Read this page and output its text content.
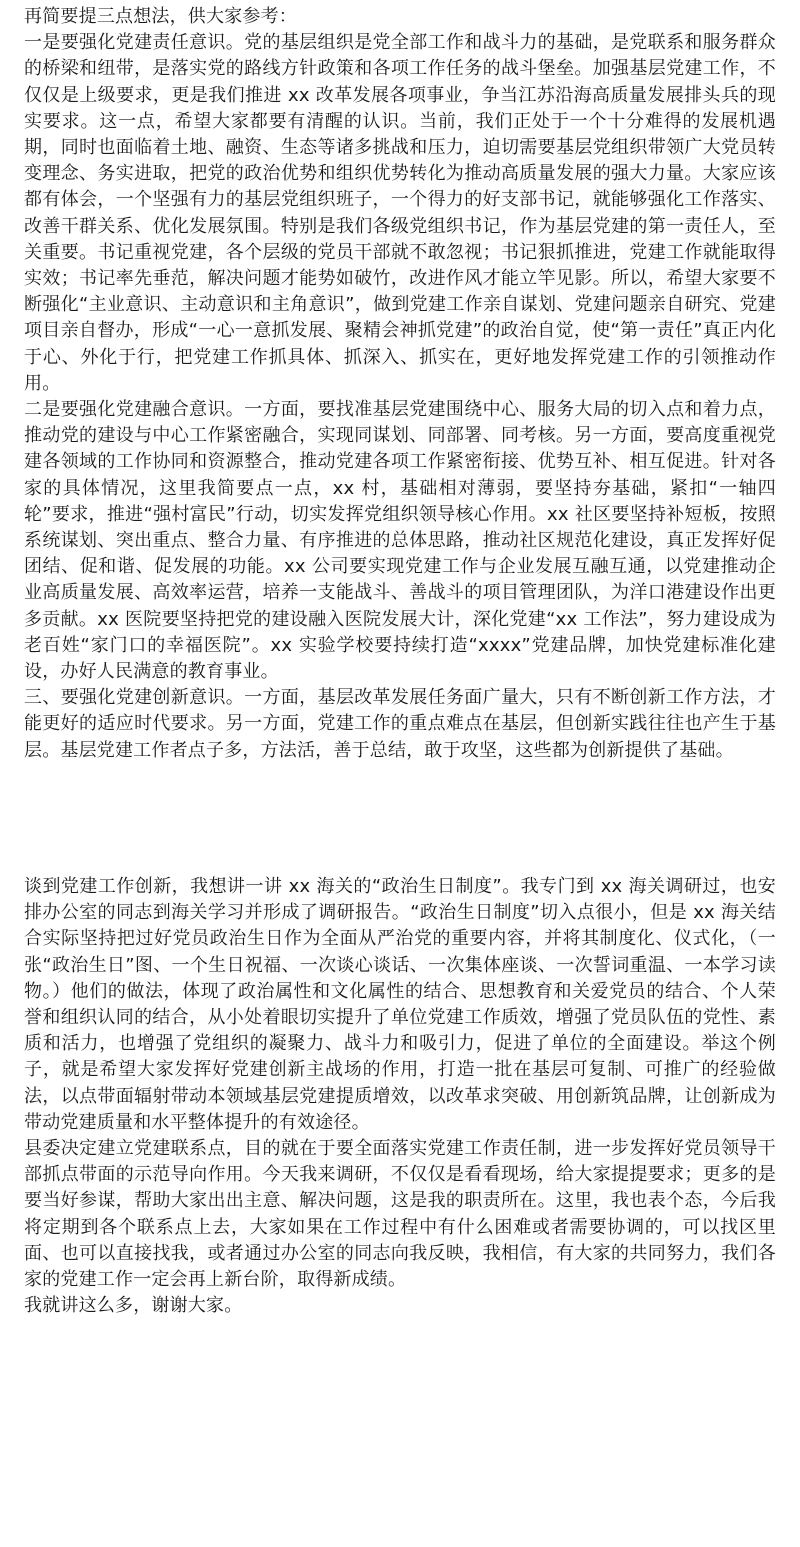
再简要提三点想法，供大家参考：

一是要强化党建责任意识。党的基层组织是党全部工作和战斗力的基础，是党联系和服务群众的桥梁和纽带，是落实党的路线方针政策和各项工作任务的战斗堡垒。加强基层党建工作，不仅仅是上级要求，更是我们推进 xx 改革发展各项事业，争当江苏沿海高质量发展排头兵的现实要求。这一点，希望大家都要有清醒的认识。当前，我们正处于一个十分难得的发展机遇期，同时也面临着土地、融资、生态等诸多挑战和压力，迫切需要基层党组织带领广大党员转变理念、务实进取，把党的政治优势和组织优势转化为推动高质量发展的强大力量。大家应该都有体会，一个坚强有力的基层党组织班子，一个得力的好支部书记，就能够强化工作落实、改善干群关系、优化发展氛围。特别是我们各级党组织书记，作为基层党建的第一责任人，至关重要。书记重视党建，各个层级的党员干部就不敢忽视；书记狠抓推进，党建工作就能取得实效；书记率先垂范，解决问题才能势如破竹，改进作风才能立竿见影。所以，希望大家要不断强化“主业意识、主动意识和主角意识”，做到党建工作亲自谋划、党建问题亲自研究、党建项目亲自督办，形成“一心一意抓发展、聚精会神抓党建”的政治自觉，使“第一责任”真正内化于心、外化于行，把党建工作抓具体、抓深入、抓实在，更好地发挥党建工作的引领推动作用。

二是要强化党建融合意识。一方面，要找准基层党建围绕中心、服务大局的切入点和着力点，推动党的建设与中心工作紧密融合，实现同谋划、同部署、同考核。另一方面，要高度重视党建各领域的工作协同和资源整合，推动党建各项工作紧密衔接、优势互补、相互促进。针对各家的具体情况，这里我简要点一点，xx 村，基础相对薄弱，要坚持夯基础，紧扣“一轴四轮”要求，推进“强村富民”行动，切实发挥党组织领导核心作用。xx 社区要坚持补短板，按照系统谋划、突出重点、整合力量、有序推进的总体思路，推动社区规范化建设，真正发挥好促团结、促和谐、促发展的功能。xx 公司要实现党建工作与企业发展互融互通，以党建推动企业高质量发展、高效率运营，培养一支能战斗、善战斗的项目管理团队，为洋口港建设作出更多贡献。xx 医院要坚持把党的建设融入医院发展大计，深化党建“xx 工作法”，努力建设成为老百姓“家门口的幸福医院”。xx 实验学校要持续打造“xxxx”党建品牌，加快党建标准化建设，办好人民满意的教育事业。

三、要强化党建创新意识。一方面，基层改革发展任务面广量大，只有不断创新工作方法，才能更好的适应时代要求。另一方面，党建工作的重点难点在基层，但创新实践往往也产生于基层。基层党建工作者点子多，方法活，善于总结，敢于攻坚，这些都为创新提供了基础。

谈到党建工作创新，我想讲一讲 xx 海关的“政治生日制度”。我专门到 xx 海关调研过，也安排办公室的同志到海关学习并形成了调研报告。“政治生日制度”切入点很小，但是 xx 海关结合实际坚持把过好党员政治生日作为全面从严治党的重要内容，并将其制度化、仪式化，（一张“政治生日”图、一个生日祝福、一次谈心谈话、一次集体座谈、一次誓词重温、一本学习读物。）他们的做法，体现了政治属性和文化属性的结合、思想教育和关爱党员的结合、个人荣誉和组织认同的结合，从小处着眼切实提升了单位党建工作质效，增强了党员队伍的党性、素质和活力，也增强了党组织的凝聚力、战斗力和吸引力，促进了单位的全面建设。举这个例子，就是希望大家发挥好党建创新主战场的作用，打造一批在基层可复制、可推广的经验做法，以点带面辐射带动本领域基层党建提质增效，以改革求突破、用创新筑品牌，让创新成为带动党建质量和水平整体提升的有效途径。

县委决定建立党建联系点，目的就在于要全面落实党建工作责任制，进一步发挥好党员领导干部抓点带面的示范导向作用。今天我来调研，不仅仅是看看现场，给大家提提要求；更多的是要当好参谋，帮助大家出出主意、解决问题，这是我的职责所在。这里，我也表个态，今后我将定期到各个联系点上去，大家如果在工作过程中有什么困难或者需要协调的，可以找区里面、也可以直接找我，或者通过办公室的同志向我反映，我相信，有大家的共同努力，我们各家的党建工作一定会再上新台阶，取得新成绩。

我就讲这么多，谢谢大家。
